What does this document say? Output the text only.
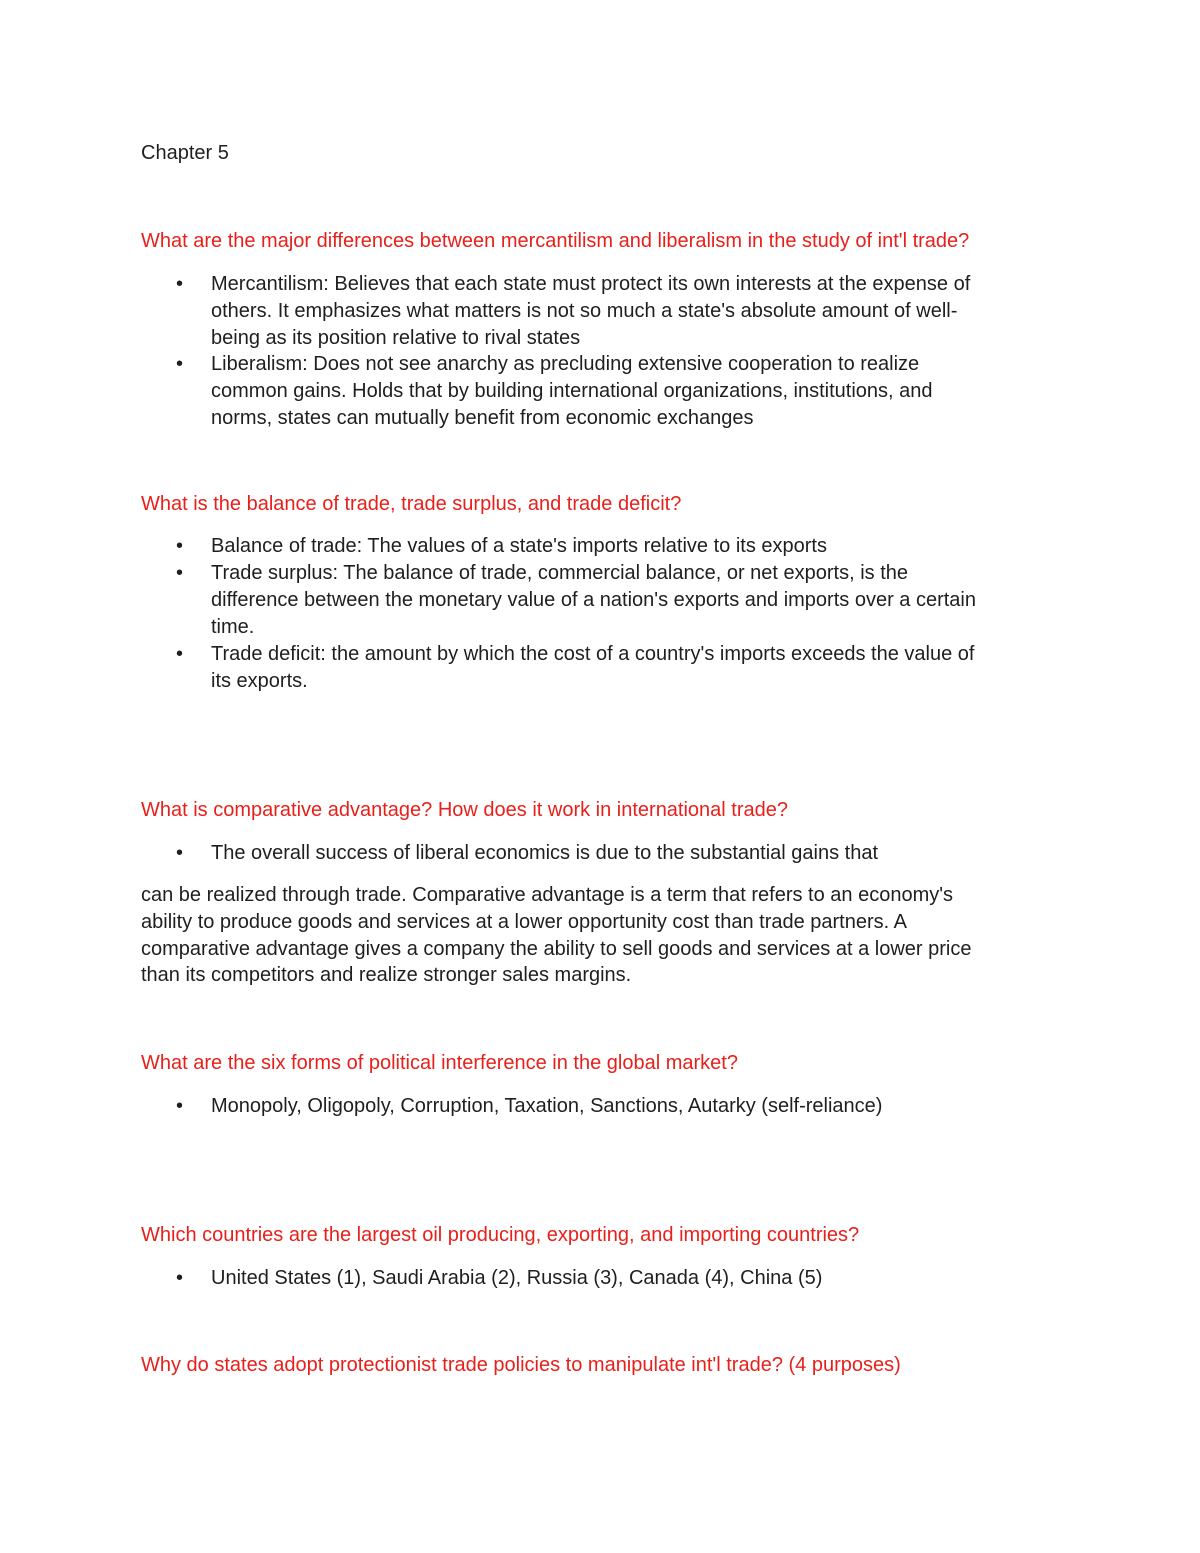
Chapter 5
What are the major differences between mercantilism and liberalism in the study of int'l trade?
• Mercantilism: Believes that each state must protect its own interests at the expense of
others. It emphasizes what matters is not so much a state's absolute amount of well-
being as its position relative to rival states
• Liberalism: Does not see anarchy as precluding extensive cooperation to realize
common gains. Holds that by building international organizations, institutions, and
norms, states can mutually benefit from economic exchanges
What is the balance of trade, trade surplus, and trade deficit?
• Balance of trade: The values of a state's imports relative to its exports
• Trade surplus: The balance of trade, commercial balance, or net exports, is the
difference between the monetary value of a nation's exports and imports over a certain
time.
• Trade deficit: the amount by which the cost of a country's imports exceeds the value of
its exports.
What is comparative advantage? How does it work in international trade?
• The overall success of liberal economics is due to the substantial gains that
can be realized through trade. Comparative advantage is a term that refers to an economy's
ability to produce goods and services at a lower opportunity cost than trade partners. A
comparative advantage gives a company the ability to sell goods and services at a lower price
than its competitors and realize stronger sales margins.
What are the six forms of political interference in the global market?
• Monopoly, Oligopoly, Corruption, Taxation, Sanctions, Autarky (self-reliance)
Which countries are the largest oil producing, exporting, and importing countries?
• United States (1), Saudi Arabia (2), Russia (3), Canada (4), China (5)
Why do states adopt protectionist trade policies to manipulate int'l trade? (4 purposes)
